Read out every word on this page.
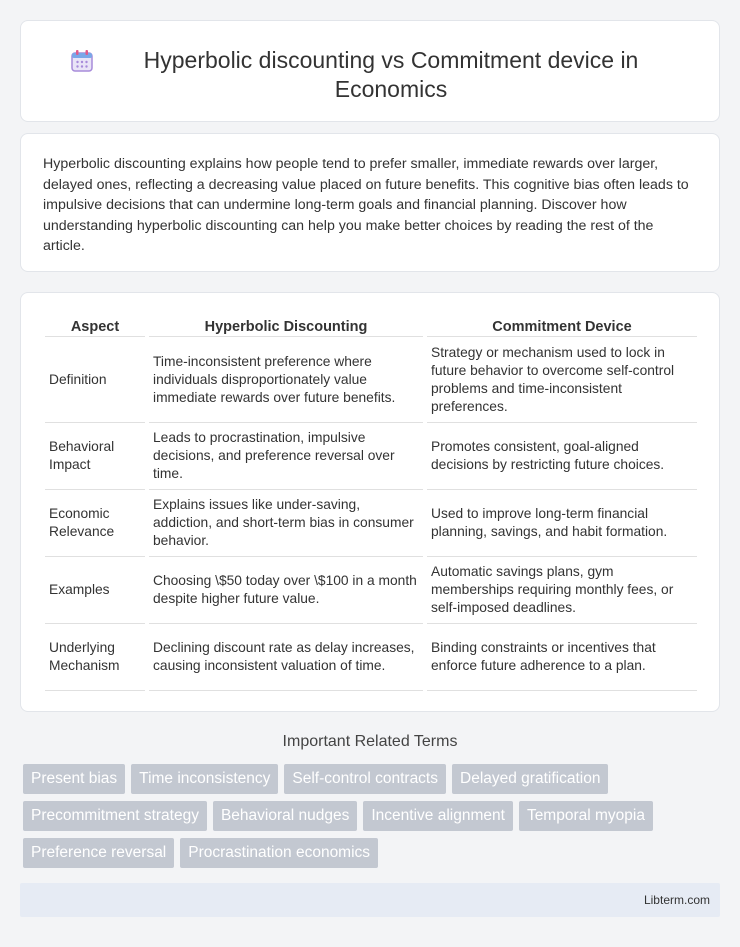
Hyperbolic discounting vs Commitment device in Economics

Hyperbolic discounting explains how people tend to prefer smaller, immediate rewards over larger, delayed ones, reflecting a decreasing value placed on future benefits. This cognitive bias often leads to impulsive decisions that can undermine long-term goals and financial planning. Discover how understanding hyperbolic discounting can help you make better choices by reading the rest of the article.

Aspect	Hyperbolic Discounting	Commitment Device
Definition	Time-inconsistent preference where individuals disproportionately value immediate rewards over future benefits.	Strategy or mechanism used to lock in future behavior to overcome self-control problems and time-inconsistent preferences.
Behavioral Impact	Leads to procrastination, impulsive decisions, and preference reversal over time.	Promotes consistent, goal-aligned decisions by restricting future choices.
Economic Relevance	Explains issues like under-saving, addiction, and short-term bias in consumer behavior.	Used to improve long-term financial planning, savings, and habit formation.
Examples	Choosing \$50 today over \$100 in a month despite higher future value.	Automatic savings plans, gym memberships requiring monthly fees, or self-imposed deadlines.
Underlying Mechanism	Declining discount rate as delay increases, causing inconsistent valuation of time.	Binding constraints or incentives that enforce future adherence to a plan.
Important Related Terms
Present bias	Time inconsistency	Self-control contracts	Delayed gratification
Precommitment strategy	Behavioral nudges	Incentive alignment	Temporal myopia
Preference reversal	Procrastination economics
Libterm.com
